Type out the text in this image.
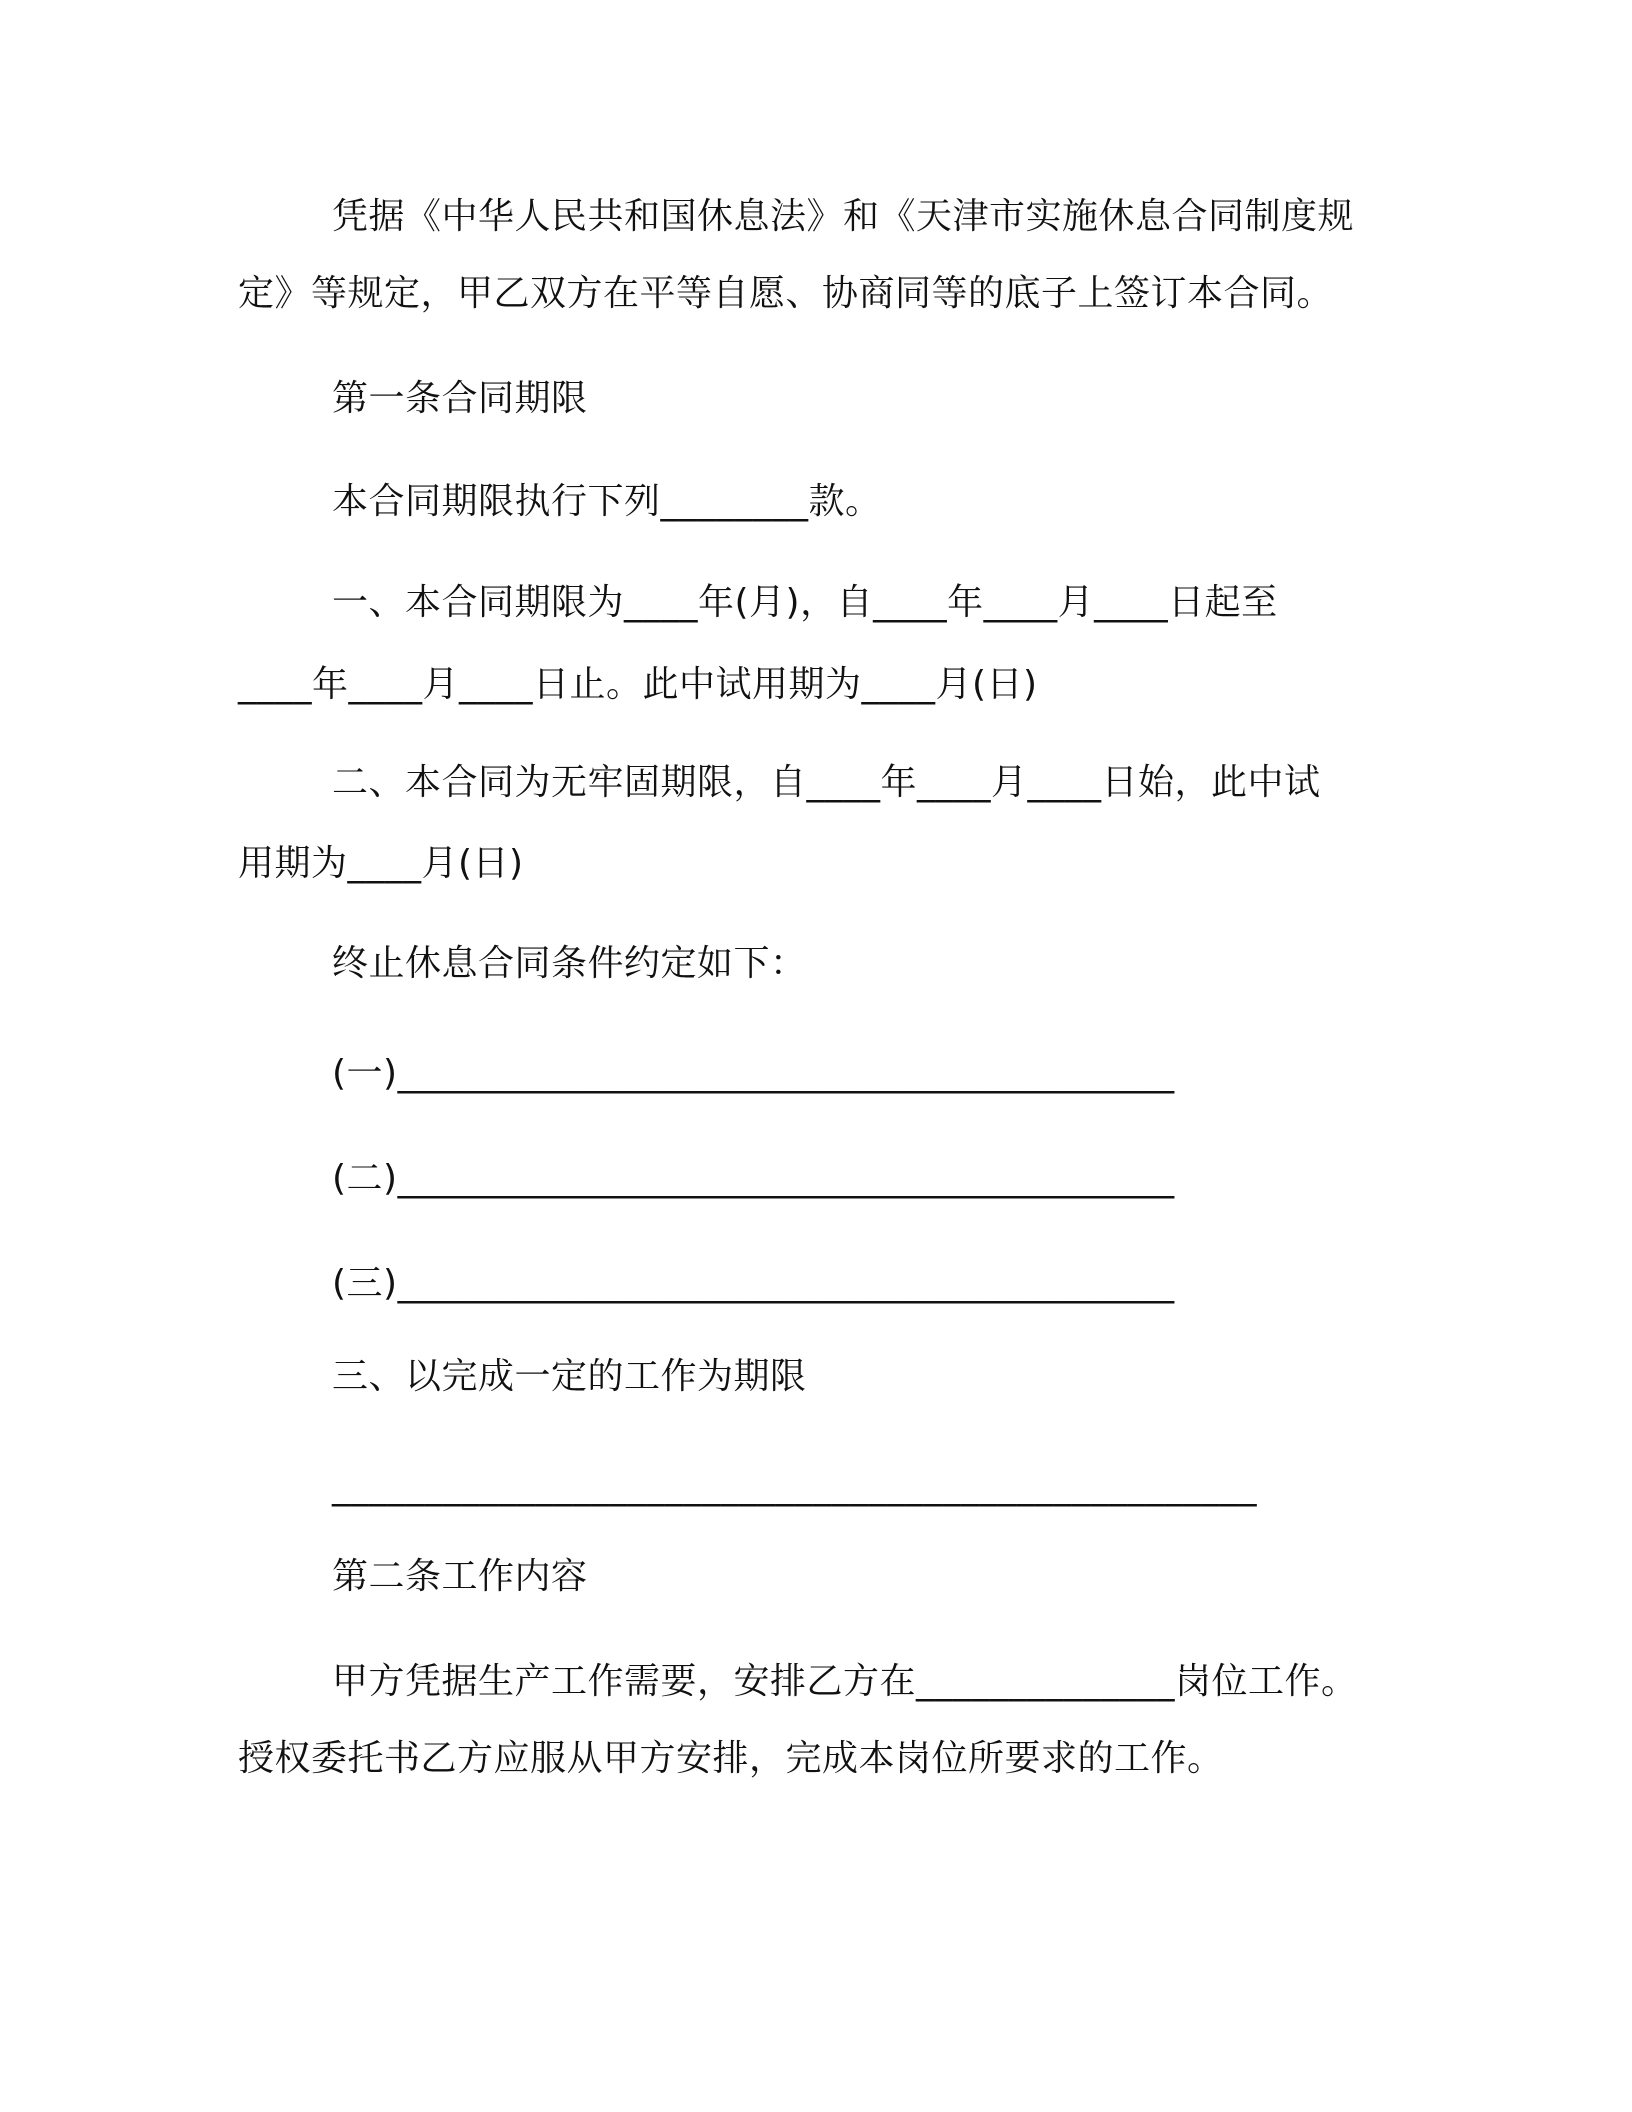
凭据《中华人民共和国休息法》和《天津市实施休息合同制度规
定》等规定，甲乙双方在平等自愿、协商同等的底子上签订本合同。
第一条合同期限
本合同期限执行下列________款。
一、本合同期限为____年(月)，自____年____月____日起至
____年____月____日止。此中试用期为____月(日)
二、本合同为无牢固期限，自____年____月____日始，此中试
用期为____月(日)
终止休息合同条件约定如下：
(一)__________________________________________
(二)__________________________________________
(三)__________________________________________
三、以完成一定的工作为期限
__________________________________________________
第二条工作内容
甲方凭据生产工作需要，安排乙方在______________岗位工作。
授权委托书乙方应服从甲方安排，完成本岗位所要求的工作。
